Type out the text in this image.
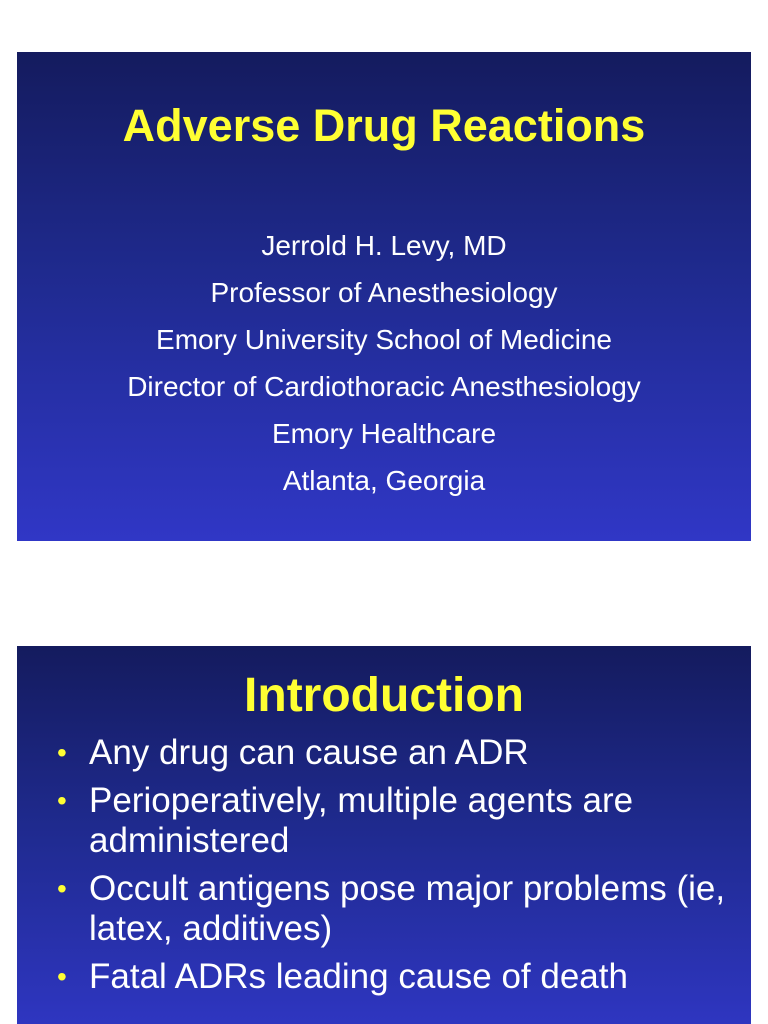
Adverse Drug Reactions
Jerrold H. Levy, MD
Professor of Anesthesiology
Emory University School of Medicine
Director of Cardiothoracic Anesthesiology
Emory Healthcare
Atlanta, Georgia
Introduction
• Any drug can cause an ADR
• Perioperatively, multiple agents are administered
• Occult antigens pose major problems (ie, latex, additives)
• Fatal ADRs leading cause of death
